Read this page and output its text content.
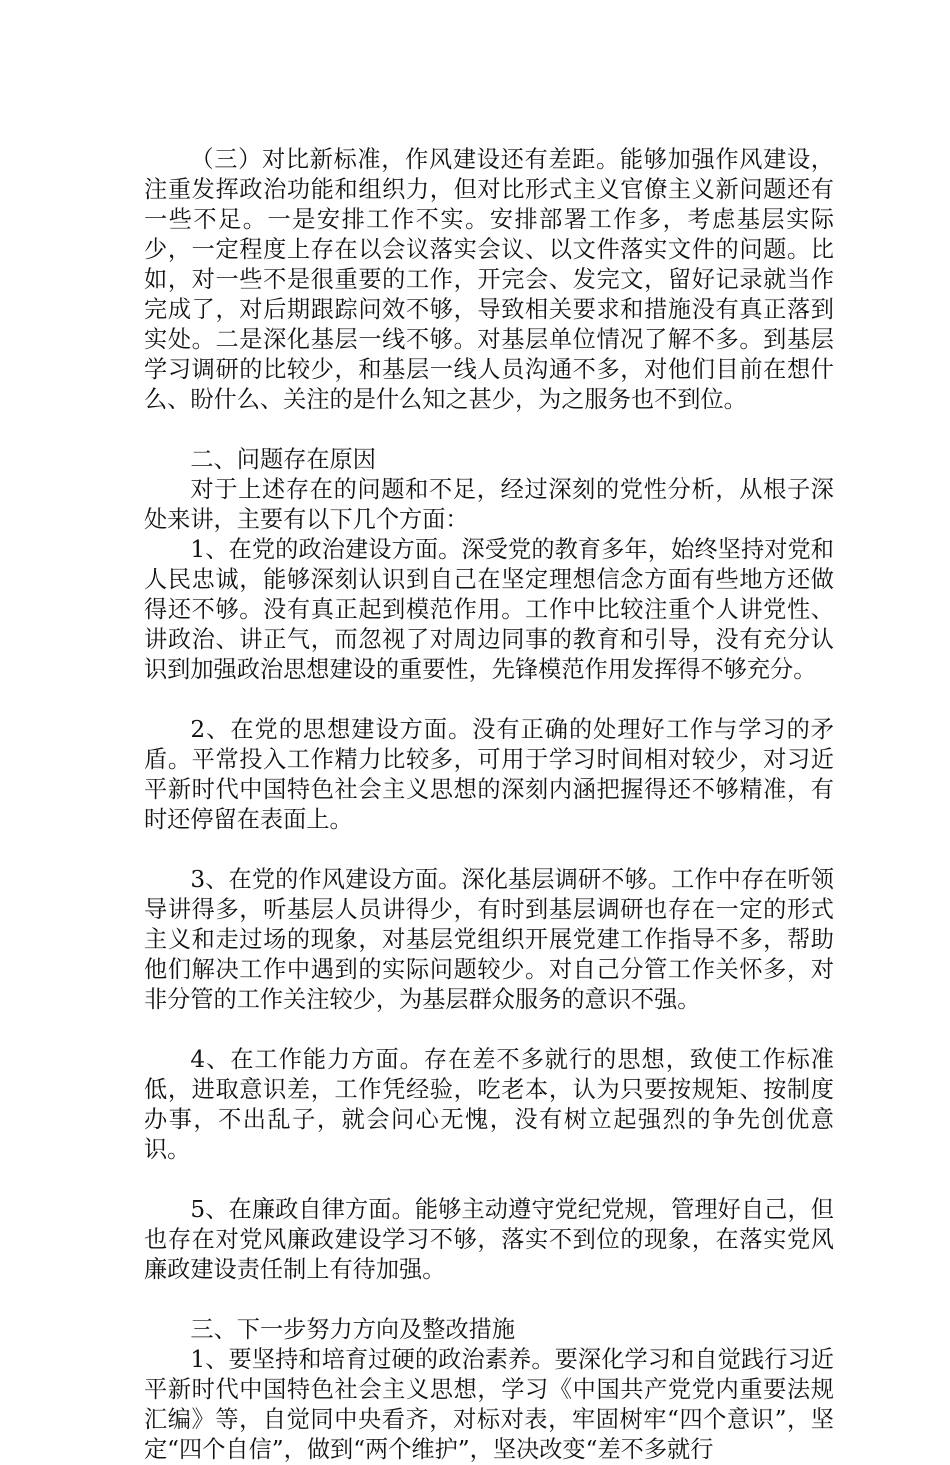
（三）对比新标准，作风建设还有差距。能够加强作风建设，注重发挥政治功能和组织力，但对比形式主义官僚主义新问题还有一些不足。一是安排工作不实。安排部署工作多，考虑基层实际少，一定程度上存在以会议落实会议、以文件落实文件的问题。比如，对一些不是很重要的工作，开完会、发完文，留好记录就当作完成了，对后期跟踪问效不够，导致相关要求和措施没有真正落到实处。二是深化基层一线不够。对基层单位情况了解不多。到基层学习调研的比较少，和基层一线人员沟通不多，对他们目前在想什么、盼什么、关注的是什么知之甚少，为之服务也不到位。

二、问题存在原因

对于上述存在的问题和不足，经过深刻的党性分析，从根子深处来讲，主要有以下几个方面：

1、在党的政治建设方面。深受党的教育多年，始终坚持对党和人民忠诚，能够深刻认识到自己在坚定理想信念方面有些地方还做得还不够。没有真正起到模范作用。工作中比较注重个人讲党性、讲政治、讲正气，而忽视了对周边同事的教育和引导，没有充分认识到加强政治思想建设的重要性，先锋模范作用发挥得不够充分。

2、在党的思想建设方面。没有正确的处理好工作与学习的矛盾。平常投入工作精力比较多，可用于学习时间相对较少，对习近平新时代中国特色社会主义思想的深刻内涵把握得还不够精准，有时还停留在表面上。

3、在党的作风建设方面。深化基层调研不够。工作中存在听领导讲得多，听基层人员讲得少，有时到基层调研也存在一定的形式主义和走过场的现象，对基层党组织开展党建工作指导不多，帮助他们解决工作中遇到的实际问题较少。对自己分管工作关怀多，对非分管的工作关注较少，为基层群众服务的意识不强。

4、在工作能力方面。存在差不多就行的思想，致使工作标准低，进取意识差，工作凭经验，吃老本，认为只要按规矩、按制度办事，不出乱子，就会问心无愧，没有树立起强烈的争先创优意识。

5、在廉政自律方面。能够主动遵守党纪党规，管理好自己，但也存在对党风廉政建设学习不够，落实不到位的现象，在落实党风廉政建设责任制上有待加强。

三、下一步努力方向及整改措施

1、要坚持和培育过硬的政治素养。要深化学习和自觉践行习近平新时代中国特色社会主义思想，学习《中国共产党党内重要法规汇编》等，自觉同中央看齐，对标对表，牢固树牢“四个意识”，坚定“四个自信”，做到“两个维护”，坚决改变“差不多就行
